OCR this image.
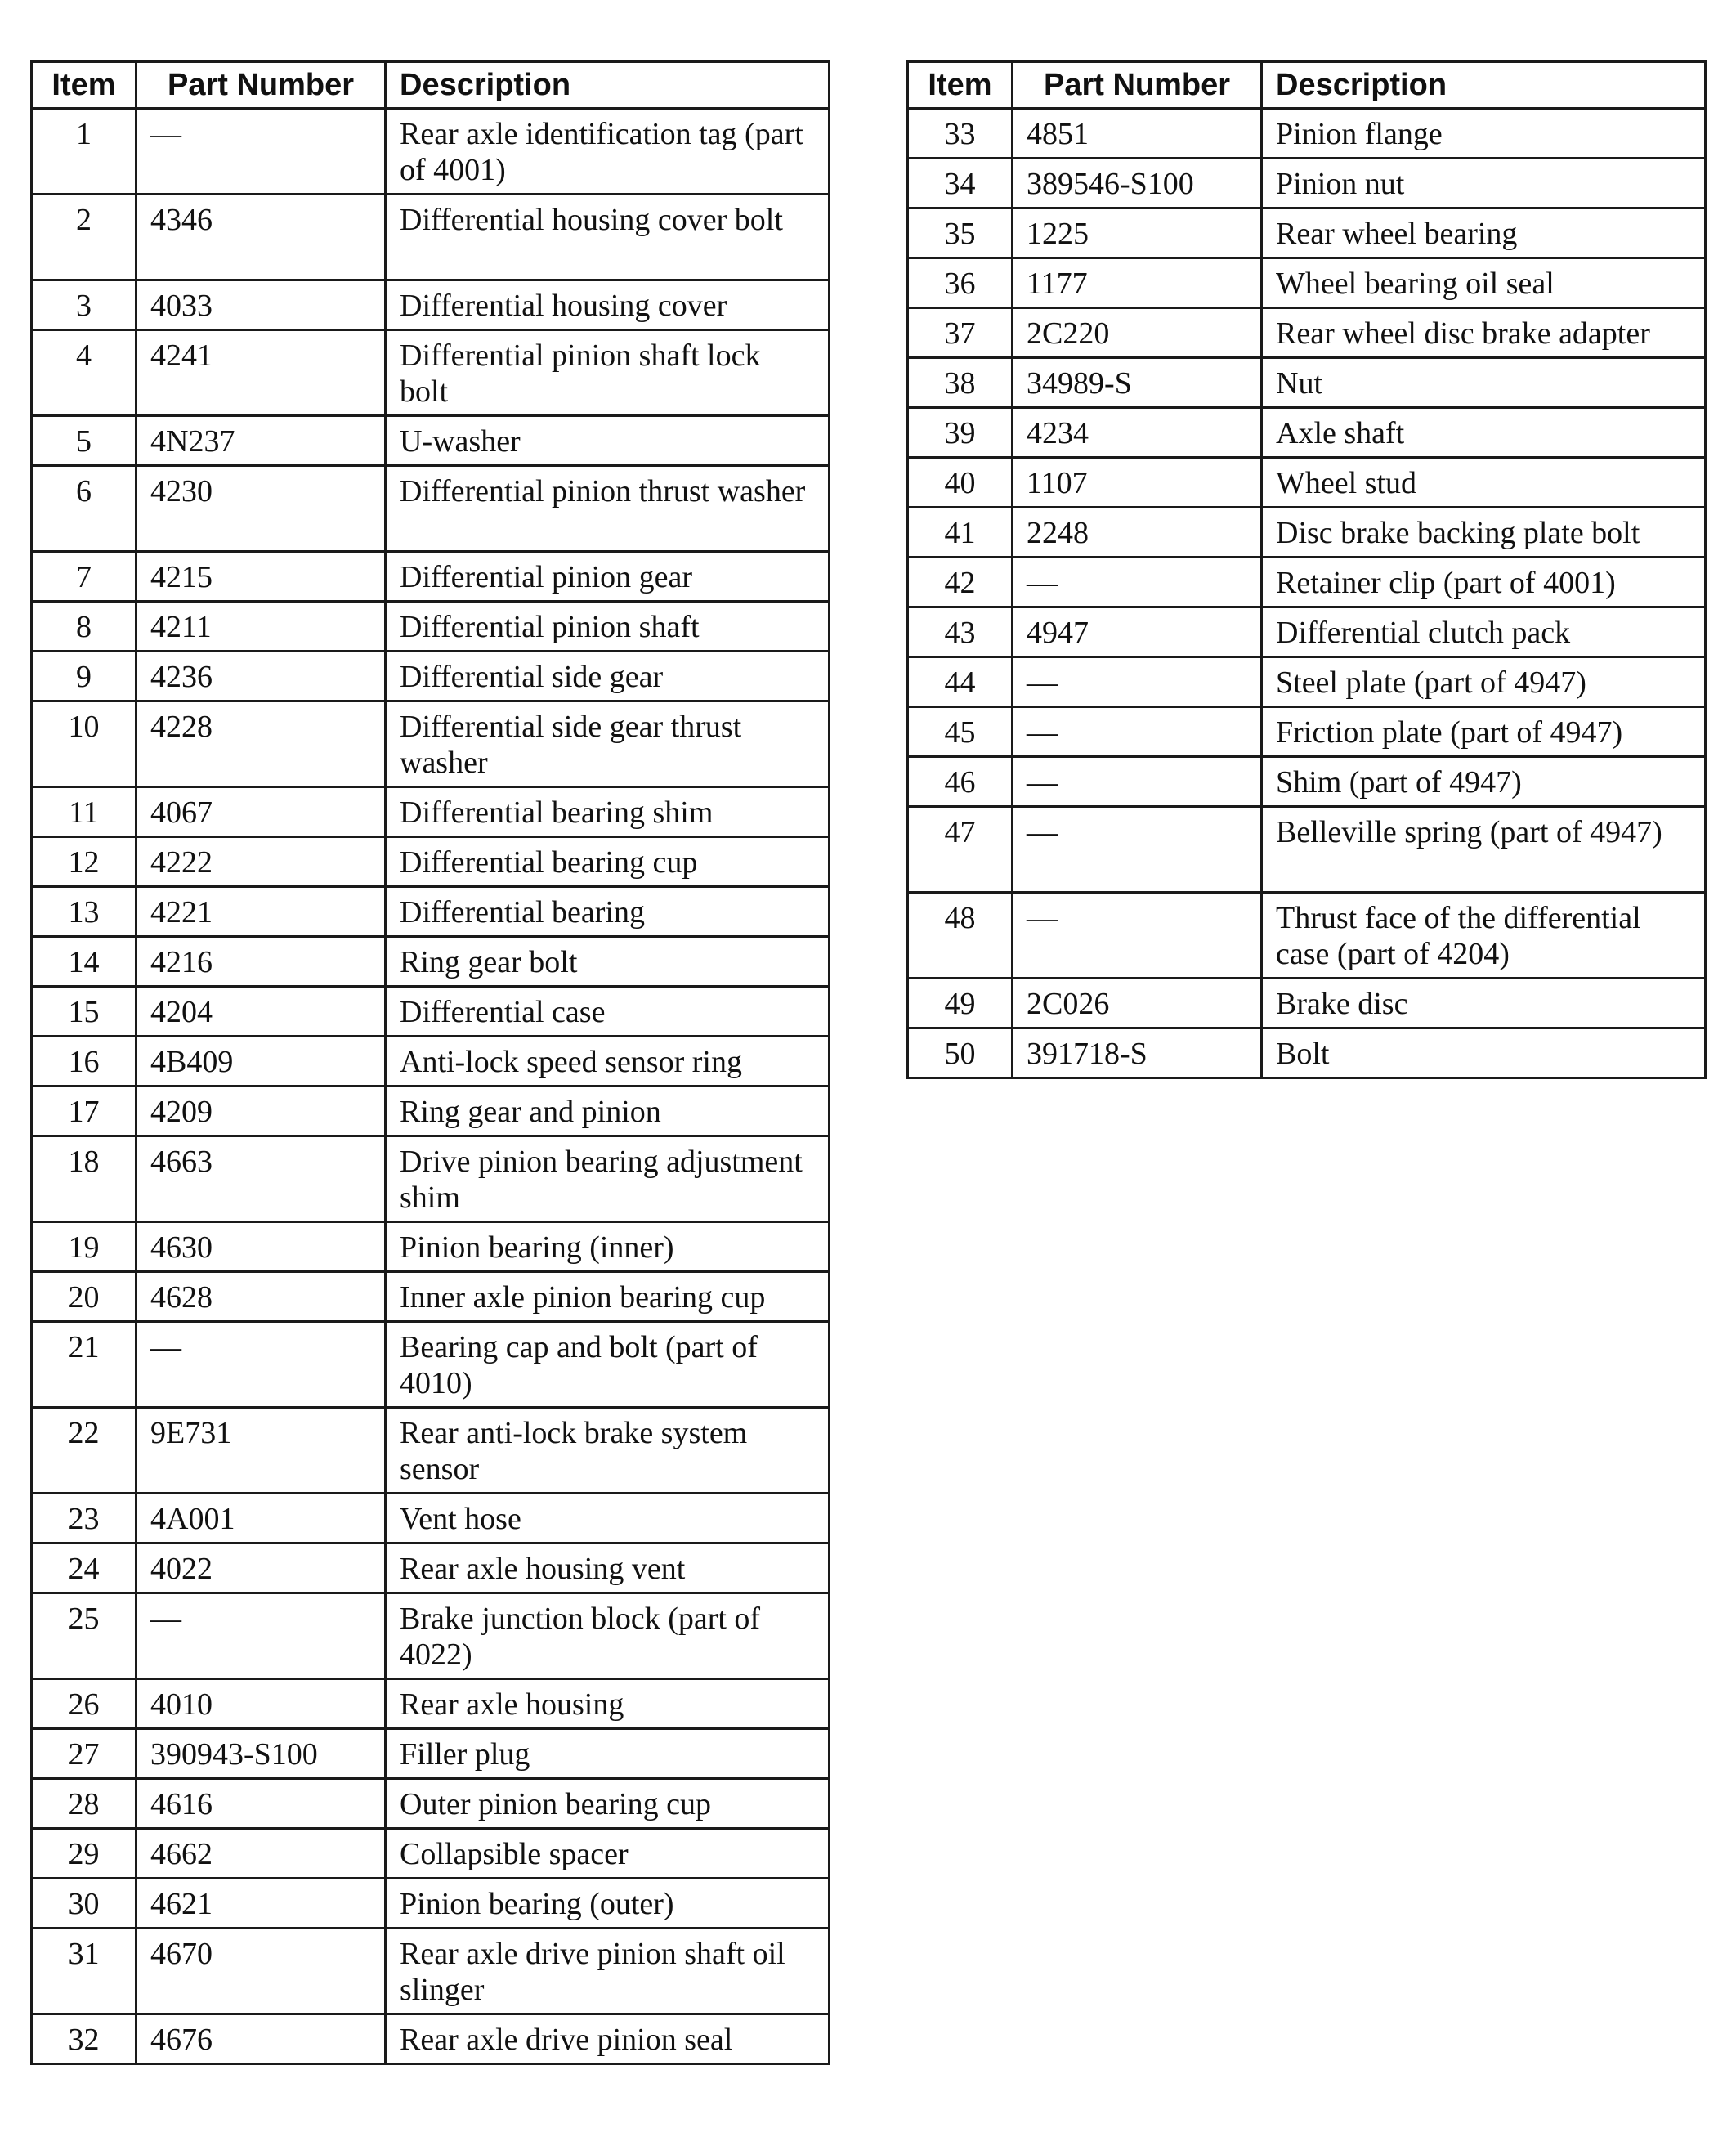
Item	Part Number	Description
1	—	Rear axle identification tag (part of 4001)
2	4346	Differential housing cover bolt
3	4033	Differential housing cover
4	4241	Differential pinion shaft lock bolt
5	4N237	U-washer
6	4230	Differential pinion thrust washer
7	4215	Differential pinion gear
8	4211	Differential pinion shaft
9	4236	Differential side gear
10	4228	Differential side gear thrust washer
11	4067	Differential bearing shim
12	4222	Differential bearing cup
13	4221	Differential bearing
14	4216	Ring gear bolt
15	4204	Differential case
16	4B409	Anti-lock speed sensor ring
17	4209	Ring gear and pinion
18	4663	Drive pinion bearing adjustment shim
19	4630	Pinion bearing (inner)
20	4628	Inner axle pinion bearing cup
21	—	Bearing cap and bolt (part of 4010)
22	9E731	Rear anti-lock brake system sensor
23	4A001	Vent hose
24	4022	Rear axle housing vent
25	—	Brake junction block (part of 4022)
26	4010	Rear axle housing
27	390943-S100	Filler plug
28	4616	Outer pinion bearing cup
29	4662	Collapsible spacer
30	4621	Pinion bearing (outer)
31	4670	Rear axle drive pinion shaft oil slinger
32	4676	Rear axle drive pinion seal
Item	Part Number	Description
33	4851	Pinion flange
34	389546-S100	Pinion nut
35	1225	Rear wheel bearing
36	1177	Wheel bearing oil seal
37	2C220	Rear wheel disc brake adapter
38	34989-S	Nut
39	4234	Axle shaft
40	1107	Wheel stud
41	2248	Disc brake backing plate bolt
42	—	Retainer clip (part of 4001)
43	4947	Differential clutch pack
44	—	Steel plate (part of 4947)
45	—	Friction plate (part of 4947)
46	—	Shim (part of 4947)
47	—	Belleville spring (part of 4947)
48	—	Thrust face of the differential case (part of 4204)
49	2C026	Brake disc
50	391718-S	Bolt
